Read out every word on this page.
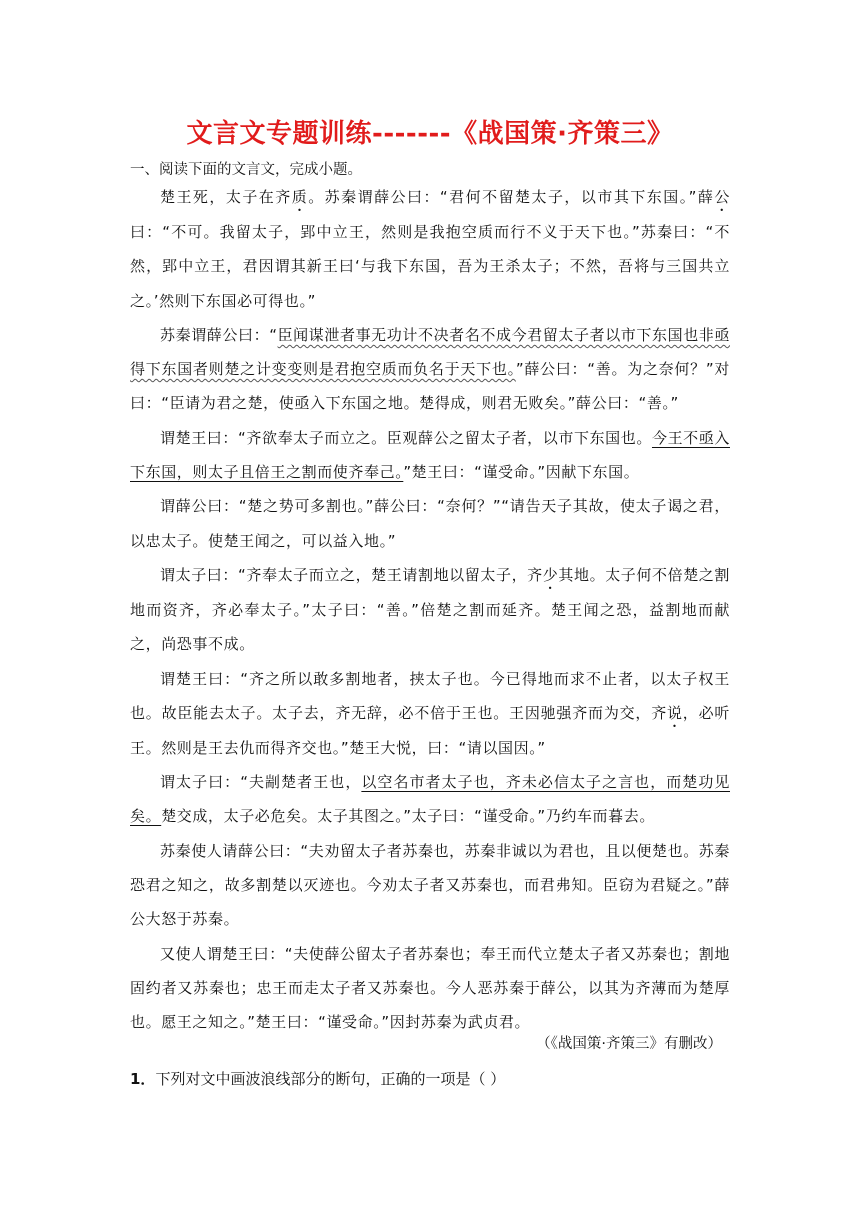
文言文专题训练-------《战国策·齐策三》
一、阅读下面的文言文，完成小题。

楚王死，太子在齐质。苏秦谓薛公曰：“君何不留楚太子，以市其下东国。”薛公曰：“不可。我留太子，郢中立王，然则是我抱空质而行不义于天下也。”苏秦曰：“不然，郢中立王，君因谓其新王曰‘与我下东国，吾为王杀太子；不然，吾将与三国共立之。’然则下东国必可得也。”

苏秦谓薛公曰：“臣闻谋泄者事无功计不决者名不成今君留太子者以市下东国也非亟得下东国者则楚之计变变则是君抱空质而负名于天下也。”薛公曰：“善。为之奈何？”对曰：“臣请为君之楚，使亟入下东国之地。楚得成，则君无败矣。”薛公曰：“善。”

谓楚王曰：“齐欲奉太子而立之。臣观薛公之留太子者，以市下东国也。今王不亟入下东国，则太子且倍王之割而使齐奉己。”楚王曰：“谨受命。”因献下东国。

谓薛公曰：“楚之势可多割也。”薛公曰：“奈何？”“请告天子其故，使太子谒之君，以忠太子。使楚王闻之，可以益入地。”

谓太子曰：“齐奉太子而立之，楚王请割地以留太子，齐少其地。太子何不倍楚之割地而资齐，齐必奉太子。”太子曰：“善。”倍楚之割而延齐。楚王闻之恐，益割地而献之，尚恐事不成。

谓楚王曰：“齐之所以敢多割地者，挟太子也。今已得地而求不止者，以太子权王也。故臣能去太子。太子去，齐无辞，必不倍于王也。王因驰强齐而为交，齐说，必听王。然则是王去仇而得齐交也。”楚王大悦，曰：“请以国因。”

谓太子曰：“夫剬楚者王也，以空名市者太子也，齐未必信太子之言也，而楚功见矣。楚交成，太子必危矣。太子其图之。”太子曰：“谨受命。”乃约车而暮去。

苏秦使人请薛公曰：“夫劝留太子者苏秦也，苏秦非诚以为君也，且以便楚也。苏秦恐君之知之，故多割楚以灭迹也。今劝太子者又苏秦也，而君弗知。臣窃为君疑之。”薛公大怒于苏秦。

又使人谓楚王曰：“夫使薛公留太子者苏秦也；奉王而代立楚太子者又苏秦也；割地固约者又苏秦也；忠王而走太子者又苏秦也。今人恶苏秦于薛公，以其为齐薄而为楚厚也。愿王之知之。”楚王曰：“谨受命。”因封苏秦为武贞君。

（《战国策·齐策三》有删改）
1．下列对文中画波浪线部分的断句，正确的一项是（ ）
